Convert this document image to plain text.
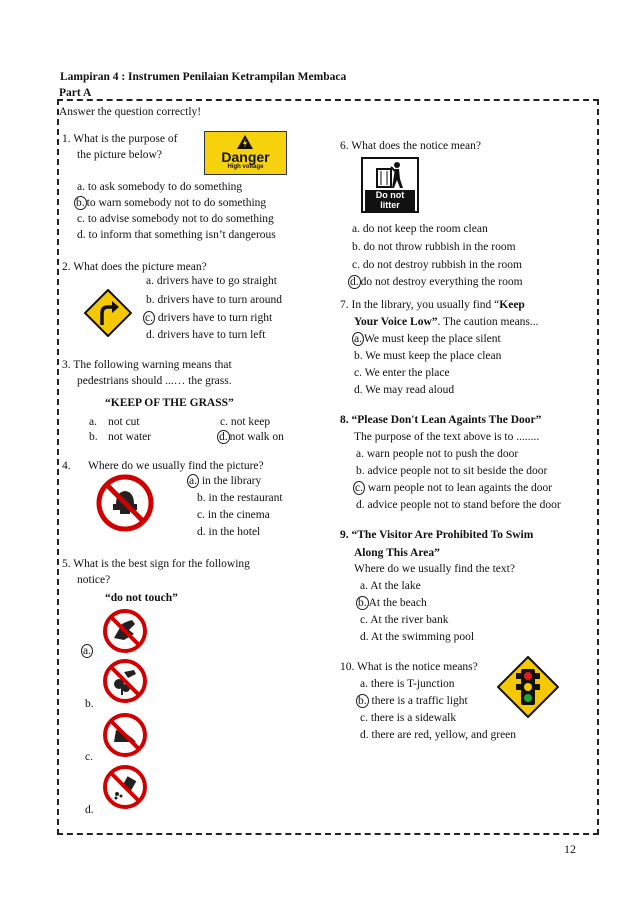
Lampiran 4 : Instrumen Penilaian Ketrampilan Membaca
Part A
Answer the question correctly!
1. What is the purpose of
the picture below?	Danger
High voltage
a. to ask somebody to do something
b. to warn somebody not to do something
c. to advise somebody not to do something
d. to inform that something isn’t dangerous
2. What does the picture mean?
a. drivers have to go straight
b. drivers have to turn around
c. drivers have to turn right
d. drivers have to turn left
3. The following warning means that
pedestrians should ...… the grass.
“KEEP OF THE GRASS”
a. not cut
b. not water
c. not keep
d. not walk on
4. Where do we usually find the picture?
a. in the library
b. in the restaurant
c. in the cinema
d. in the hotel
5. What is the best sign for the following
notice?
“do not touch”
a.
b.
c.
d.
6. What does the notice mean?
Do not
litter
a. do not keep the room clean
b. do not throw rubbish in the room
c. do not destroy rubbish in the room
d. do not destroy everything the room
7. In the library, you usually find “Keep
Your Voice Low”. The caution means...
a. We must keep the place silent
b. We must keep the place clean
c. We enter the place
d. We may read aloud
8. “Please Don't Lean Againts The Door”
The purpose of the text above is to ........
a. warn people not to push the door
b. advice people not to sit beside the door
c. warn people not to lean againts the door
d. advice people not to stand before the door
9. “The Visitor Are Prohibited To Swim
Along This Area”
Where do we usually find the text?
a. At the lake
b. At the beach
c. At the river bank
d. At the swimming pool
10. What is the notice means?
a. there is T-junction
b. there is a traffic light
c. there is a sidewalk
d. there are red, yellow, and green
12
